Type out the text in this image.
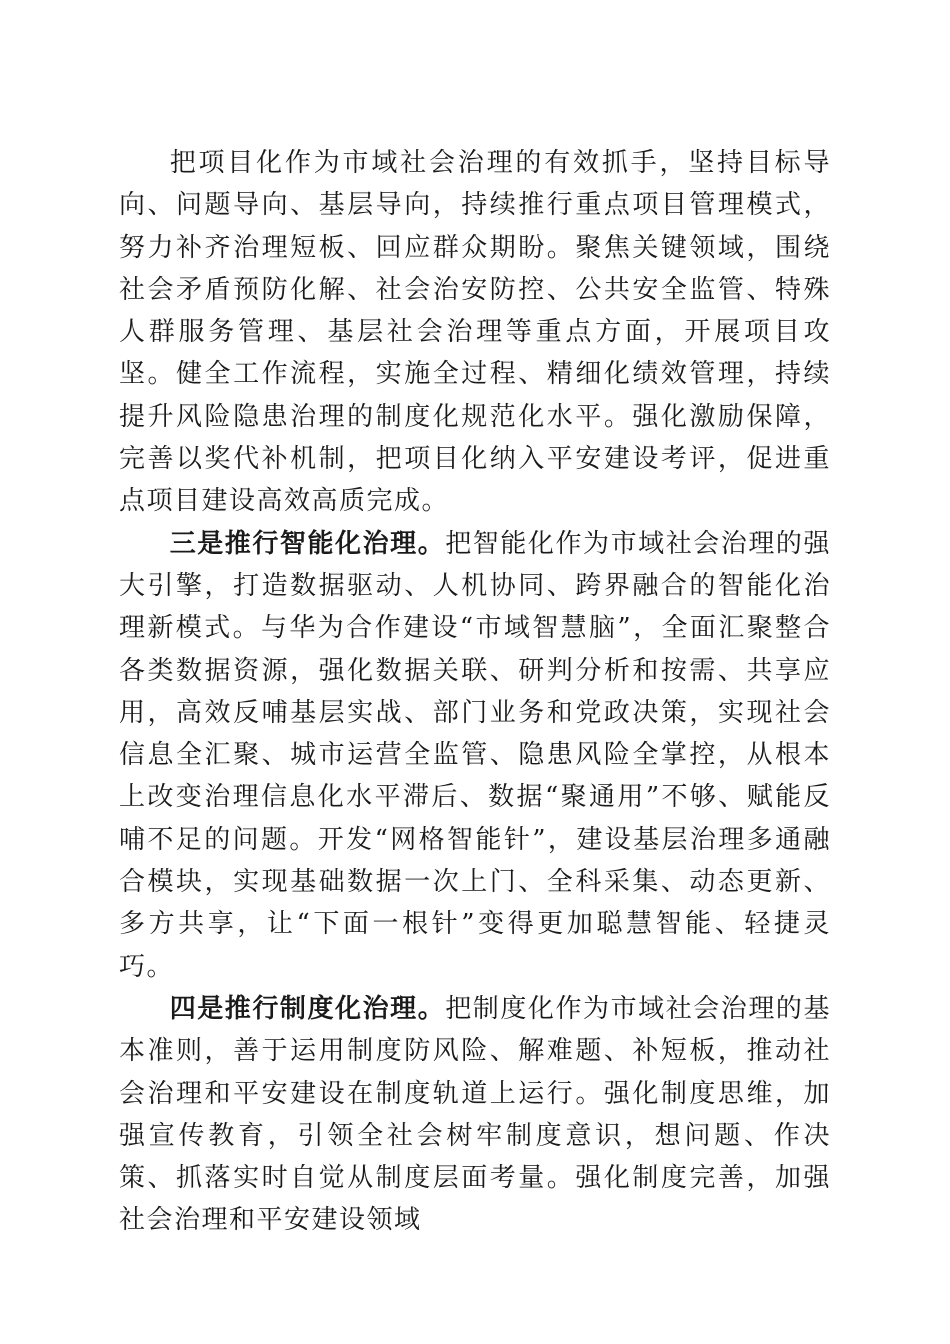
把项目化作为市域社会治理的有效抓手，坚持目标导向、问题导向、基层导向，持续推行重点项目管理模式，努力补齐治理短板、回应群众期盼。聚焦关键领域，围绕社会矛盾预防化解、社会治安防控、公共安全监管、特殊人群服务管理、基层社会治理等重点方面，开展项目攻坚。健全工作流程，实施全过程、精细化绩效管理，持续提升风险隐患治理的制度化规范化水平。强化激励保障，完善以奖代补机制，把项目化纳入平安建设考评，促进重点项目建设高效高质完成。

三是推行智能化治理。把智能化作为市域社会治理的强大引擎，打造数据驱动、人机协同、跨界融合的智能化治理新模式。与华为合作建设“市域智慧脑”，全面汇聚整合各类数据资源，强化数据关联、研判分析和按需、共享应用，高效反哺基层实战、部门业务和党政决策，实现社会信息全汇聚、城市运营全监管、隐患风险全掌控，从根本上改变治理信息化水平滞后、数据“聚通用”不够、赋能反哺不足的问题。开发“网格智能针”，建设基层治理多通融合模块，实现基础数据一次上门、全科采集、动态更新、多方共享，让“下面一根针”变得更加聪慧智能、轻捷灵巧。

四是推行制度化治理。把制度化作为市域社会治理的基本准则，善于运用制度防风险、解难题、补短板，推动社会治理和平安建设在制度轨道上运行。强化制度思维，加强宣传教育，引领全社会树牢制度意识，想问题、作决策、抓落实时自觉从制度层面考量。强化制度完善，加强社会治理和平安建设领域
